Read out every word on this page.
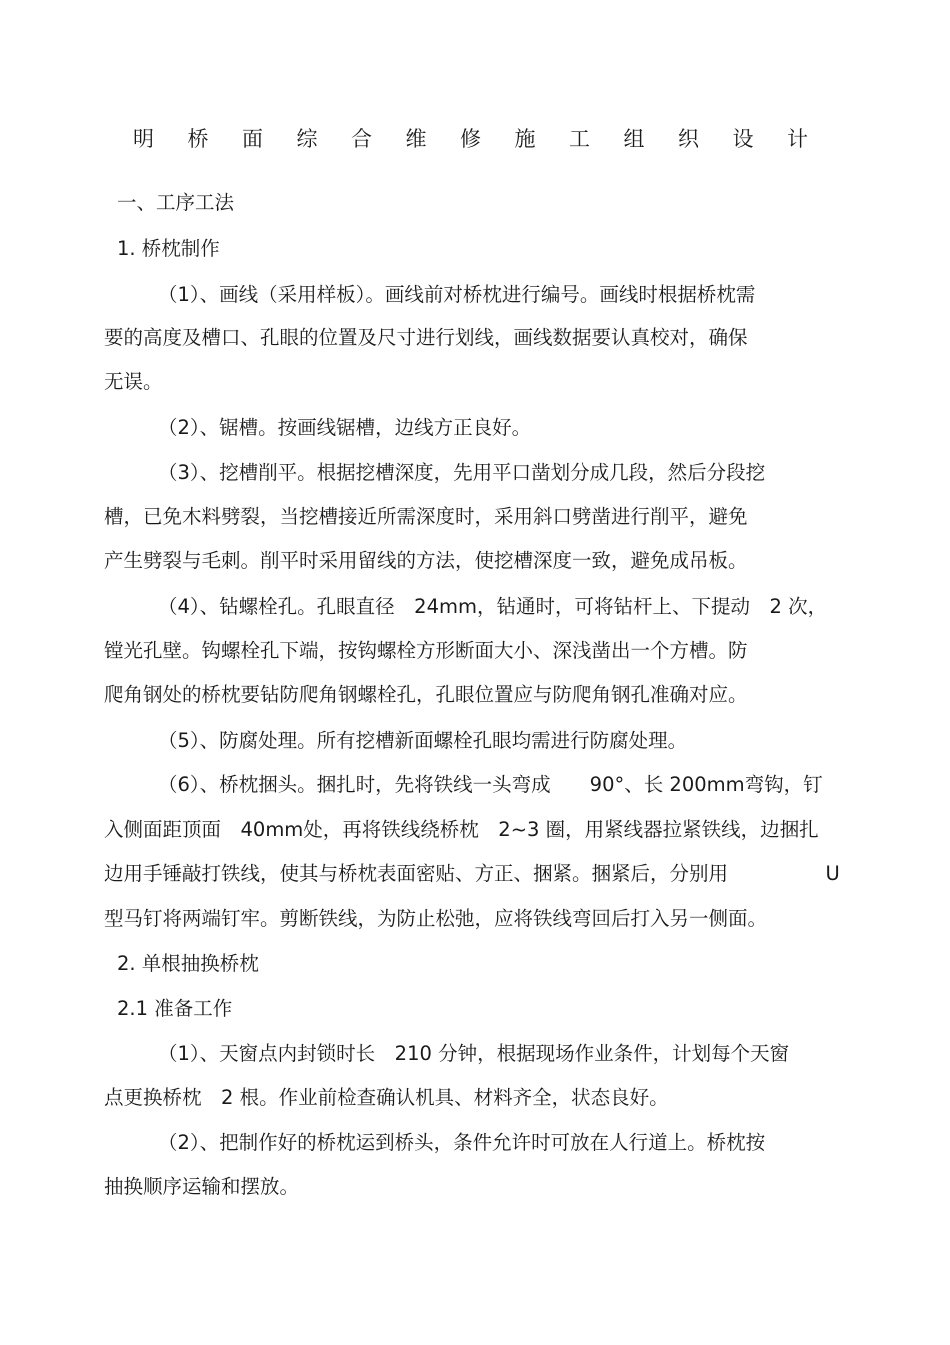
明桥面综合维修施工组织设计
一、工序工法
1. 桥枕制作
（1）、画线（采用样板）。画线前对桥枕进行编号。画线时根据桥枕需
要的高度及槽口、孔眼的位置及尺寸进行划线，画线数据要认真校对，确保
无误。
（2）、锯槽。按画线锯槽，边线方正良好。
（3）、挖槽削平。根据挖槽深度，先用平口凿划分成几段，然后分段挖
槽，已免木料劈裂，当挖槽接近所需深度时，采用斜口劈凿进行削平，避免
产生劈裂与毛刺。削平时采用留线的方法，使挖槽深度一致，避免成吊板。
（4）、钻螺栓孔。孔眼直径　24mm，钻通时，可将钻杆上、下提动　2 次，
镗光孔壁。钩螺栓孔下端，按钩螺栓方形断面大小、深浅凿出一个方槽。防
爬角钢处的桥枕要钻防爬角钢螺栓孔，孔眼位置应与防爬角钢孔准确对应。
（5）、防腐处理。所有挖槽新面螺栓孔眼均需进行防腐处理。
（6）、桥枕捆头。捆扎时，先将铁线一头弯成　　90°、长 200mm弯钩，钉
入侧面距顶面　40mm处，再将铁线绕桥枕　2~3 圈，用紧线器拉紧铁线，边捆扎
边用手锤敲打铁线，使其与桥枕表面密贴、方正、捆紧。捆紧后，分别用　　　　　U
型马钉将两端钉牢。剪断铁线，为防止松弛，应将铁线弯回后打入另一侧面。
2. 单根抽换桥枕
2.1 准备工作
（1）、天窗点内封锁时长　210 分钟，根据现场作业条件，计划每个天窗
点更换桥枕　2 根。作业前检查确认机具、材料齐全，状态良好。
（2）、把制作好的桥枕运到桥头，条件允许时可放在人行道上。桥枕按
抽换顺序运输和摆放。
